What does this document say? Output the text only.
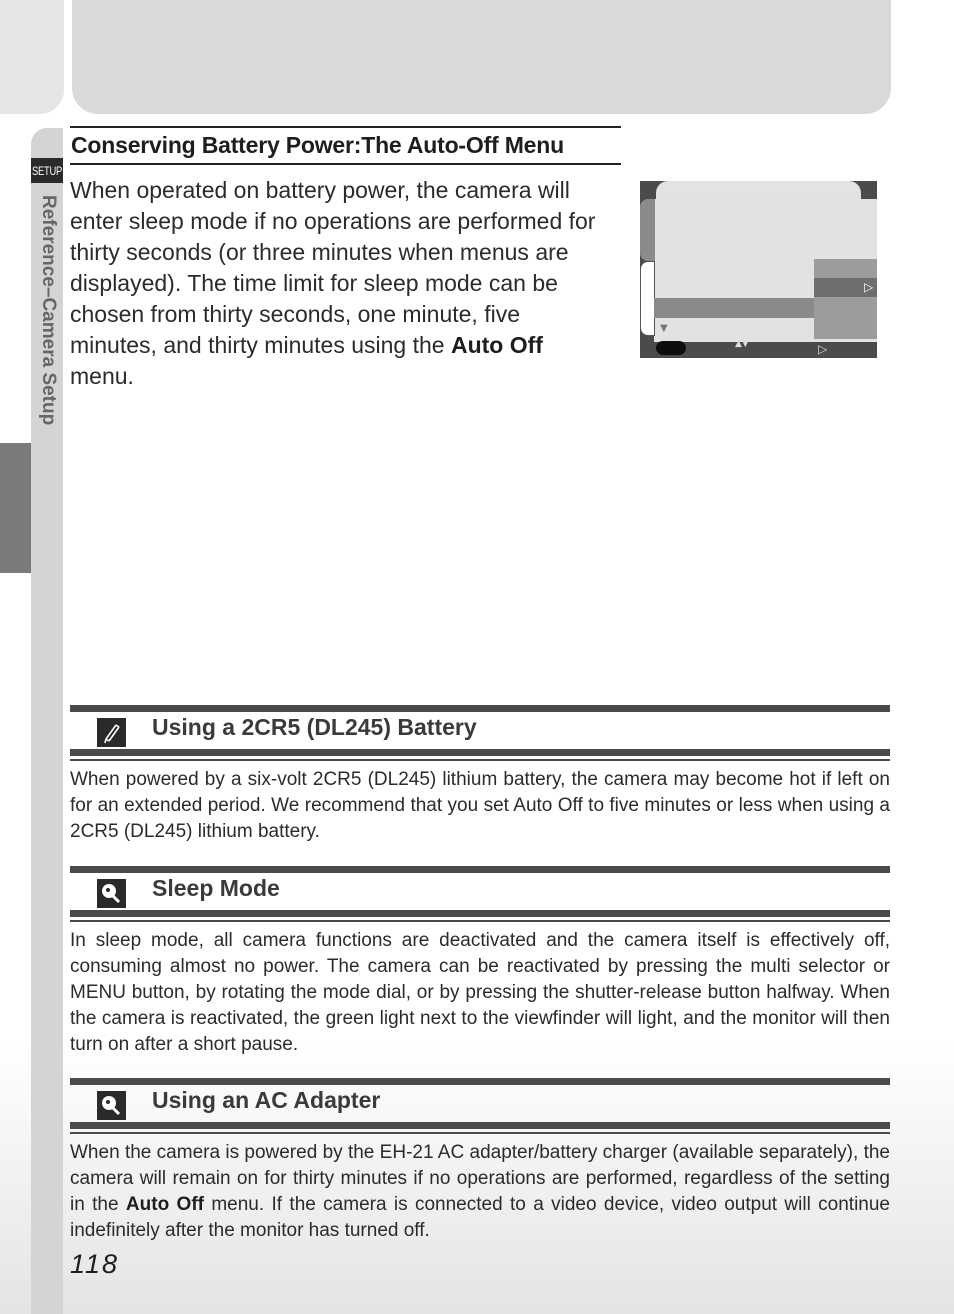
SETUP
Reference–Camera Setup
Conserving Battery Power:The Auto-Off Menu
When operated on battery power, the camera will enter sleep mode if no operations are performed for thirty seconds (or three minutes when menus are displayed). The time limit for sleep mode can be chosen from thirty seconds, one minute, five minutes, and thirty minutes using the Auto Off menu.
▷
▼
▲▼	▷
Using a 2CR5 (DL245) Battery
When powered by a six-volt 2CR5 (DL245) lithium battery, the camera may become hot if left on for an extended period. We recommend that you set Auto Off to five minutes or less when using a 2CR5 (DL245) lithium battery.
Sleep Mode
In sleep mode, all camera functions are deactivated and the camera itself is effectively off, consuming almost no power. The camera can be reactivated by pressing the multi selector or MENU button, by rotating the mode dial, or by pressing the shutter-release button halfway. When the camera is reactivated, the green light next to the viewfinder will light, and the monitor will then turn on after a short pause.
Using an AC Adapter
When the camera is powered by the EH-21 AC adapter/battery charger (available separately), the camera will remain on for thirty minutes if no operations are performed, regardless of the setting in the Auto Off menu. If the camera is connected to a video device, video output will continue indefinitely after the monitor has turned off.
118
